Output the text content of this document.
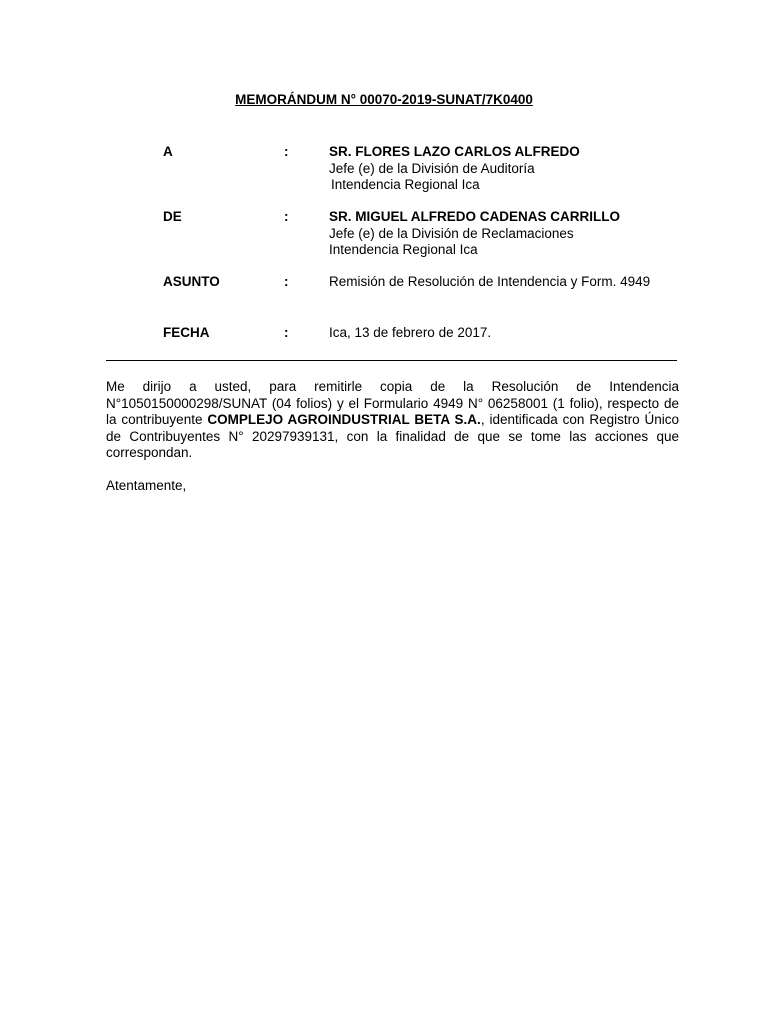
MEMORÁNDUM N° 00070-2019-SUNAT/7K0400
A	:	SR. FLORES LAZO CARLOS ALFREDO
Jefe (e) de la División de Auditoría
Intendencia Regional Ica
DE	:	SR. MIGUEL ALFREDO CADENAS CARRILLO
Jefe (e) de la División de Reclamaciones
Intendencia Regional Ica
ASUNTO	:	Remisión de Resolución de Intendencia y Form. 4949
FECHA	:	Ica, 13 de febrero de 2017.
Me dirijo a usted, para remitirle copia de la Resolución de Intendencia N°1050150000298/SUNAT (04 folios) y el Formulario 4949 N° 06258001 (1 folio), respecto de la contribuyente COMPLEJO AGROINDUSTRIAL BETA S.A., identificada con Registro Único de Contribuyentes N° 20297939131, con la finalidad de que se tome las acciones que correspondan.
Atentamente,
